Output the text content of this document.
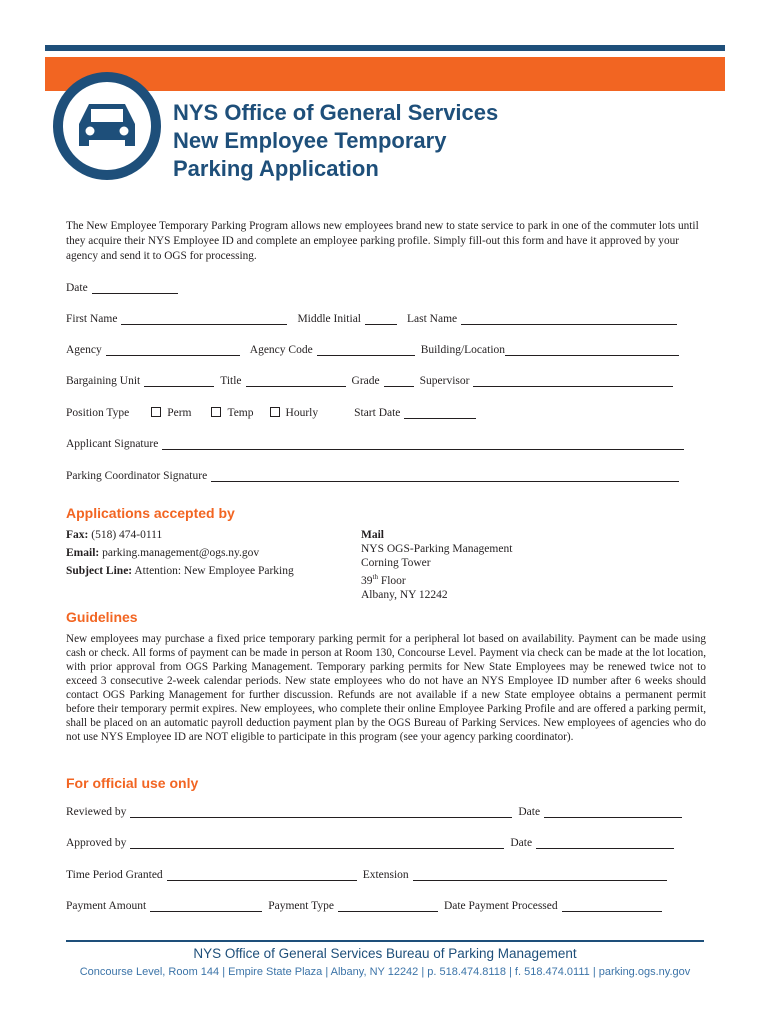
NYS Office of General Services
New Employee Temporary
Parking Application
The New Employee Temporary Parking Program allows new employees brand new to state service to park in one of the commuter lots until they acquire their NYS Employee ID and complete an employee parking profile. Simply fill-out this form and have it approved by your agency and send it to OGS for processing.
Date
First Name	Middle Initial	Last Name
Agency	Agency Code	Building/Location
Bargaining Unit	Title	Grade	Supervisor
Position Type	Perm	Temp	Hourly	Start Date
Applicant Signature
Parking Coordinator Signature
Applications accepted by
Fax: (518) 474-0111
Email: parking.management@ogs.ny.gov
Subject Line: Attention: New Employee Parking
Mail
NYS OGS-Parking Management
Corning Tower
39th Floor
Albany, NY 12242
Guidelines
New employees may purchase a fixed price temporary parking permit for a peripheral lot based on availability. Payment can be made using cash or check. All forms of payment can be made in person at Room 130, Concourse Level. Payment via check can be made at the lot location, with prior approval from OGS Parking Management. Temporary parking permits for New State Employees may be renewed twice not to exceed 3 consecutive 2-week calendar periods. New state employees who do not have an NYS Employee ID number after 6 weeks should contact OGS Parking Management for further discussion. Refunds are not available if a new State employee obtains a permanent permit before their temporary permit expires. New employees, who complete their online Employee Parking Profile and are offered a parking permit, shall be placed on an automatic payroll deduction payment plan by the OGS Bureau of Parking Services. New employees of agencies who do not use NYS Employee ID are NOT eligible to participate in this program (see your agency parking coordinator).
For official use only
Reviewed by	Date
Approved by	Date
Time Period Granted	Extension
Payment Amount	Payment Type	Date Payment Processed
NYS Office of General Services Bureau of Parking Management
Concourse Level, Room 144 | Empire State Plaza | Albany, NY 12242 | p. 518.474.8118 | f. 518.474.0111 | parking.ogs.ny.gov
